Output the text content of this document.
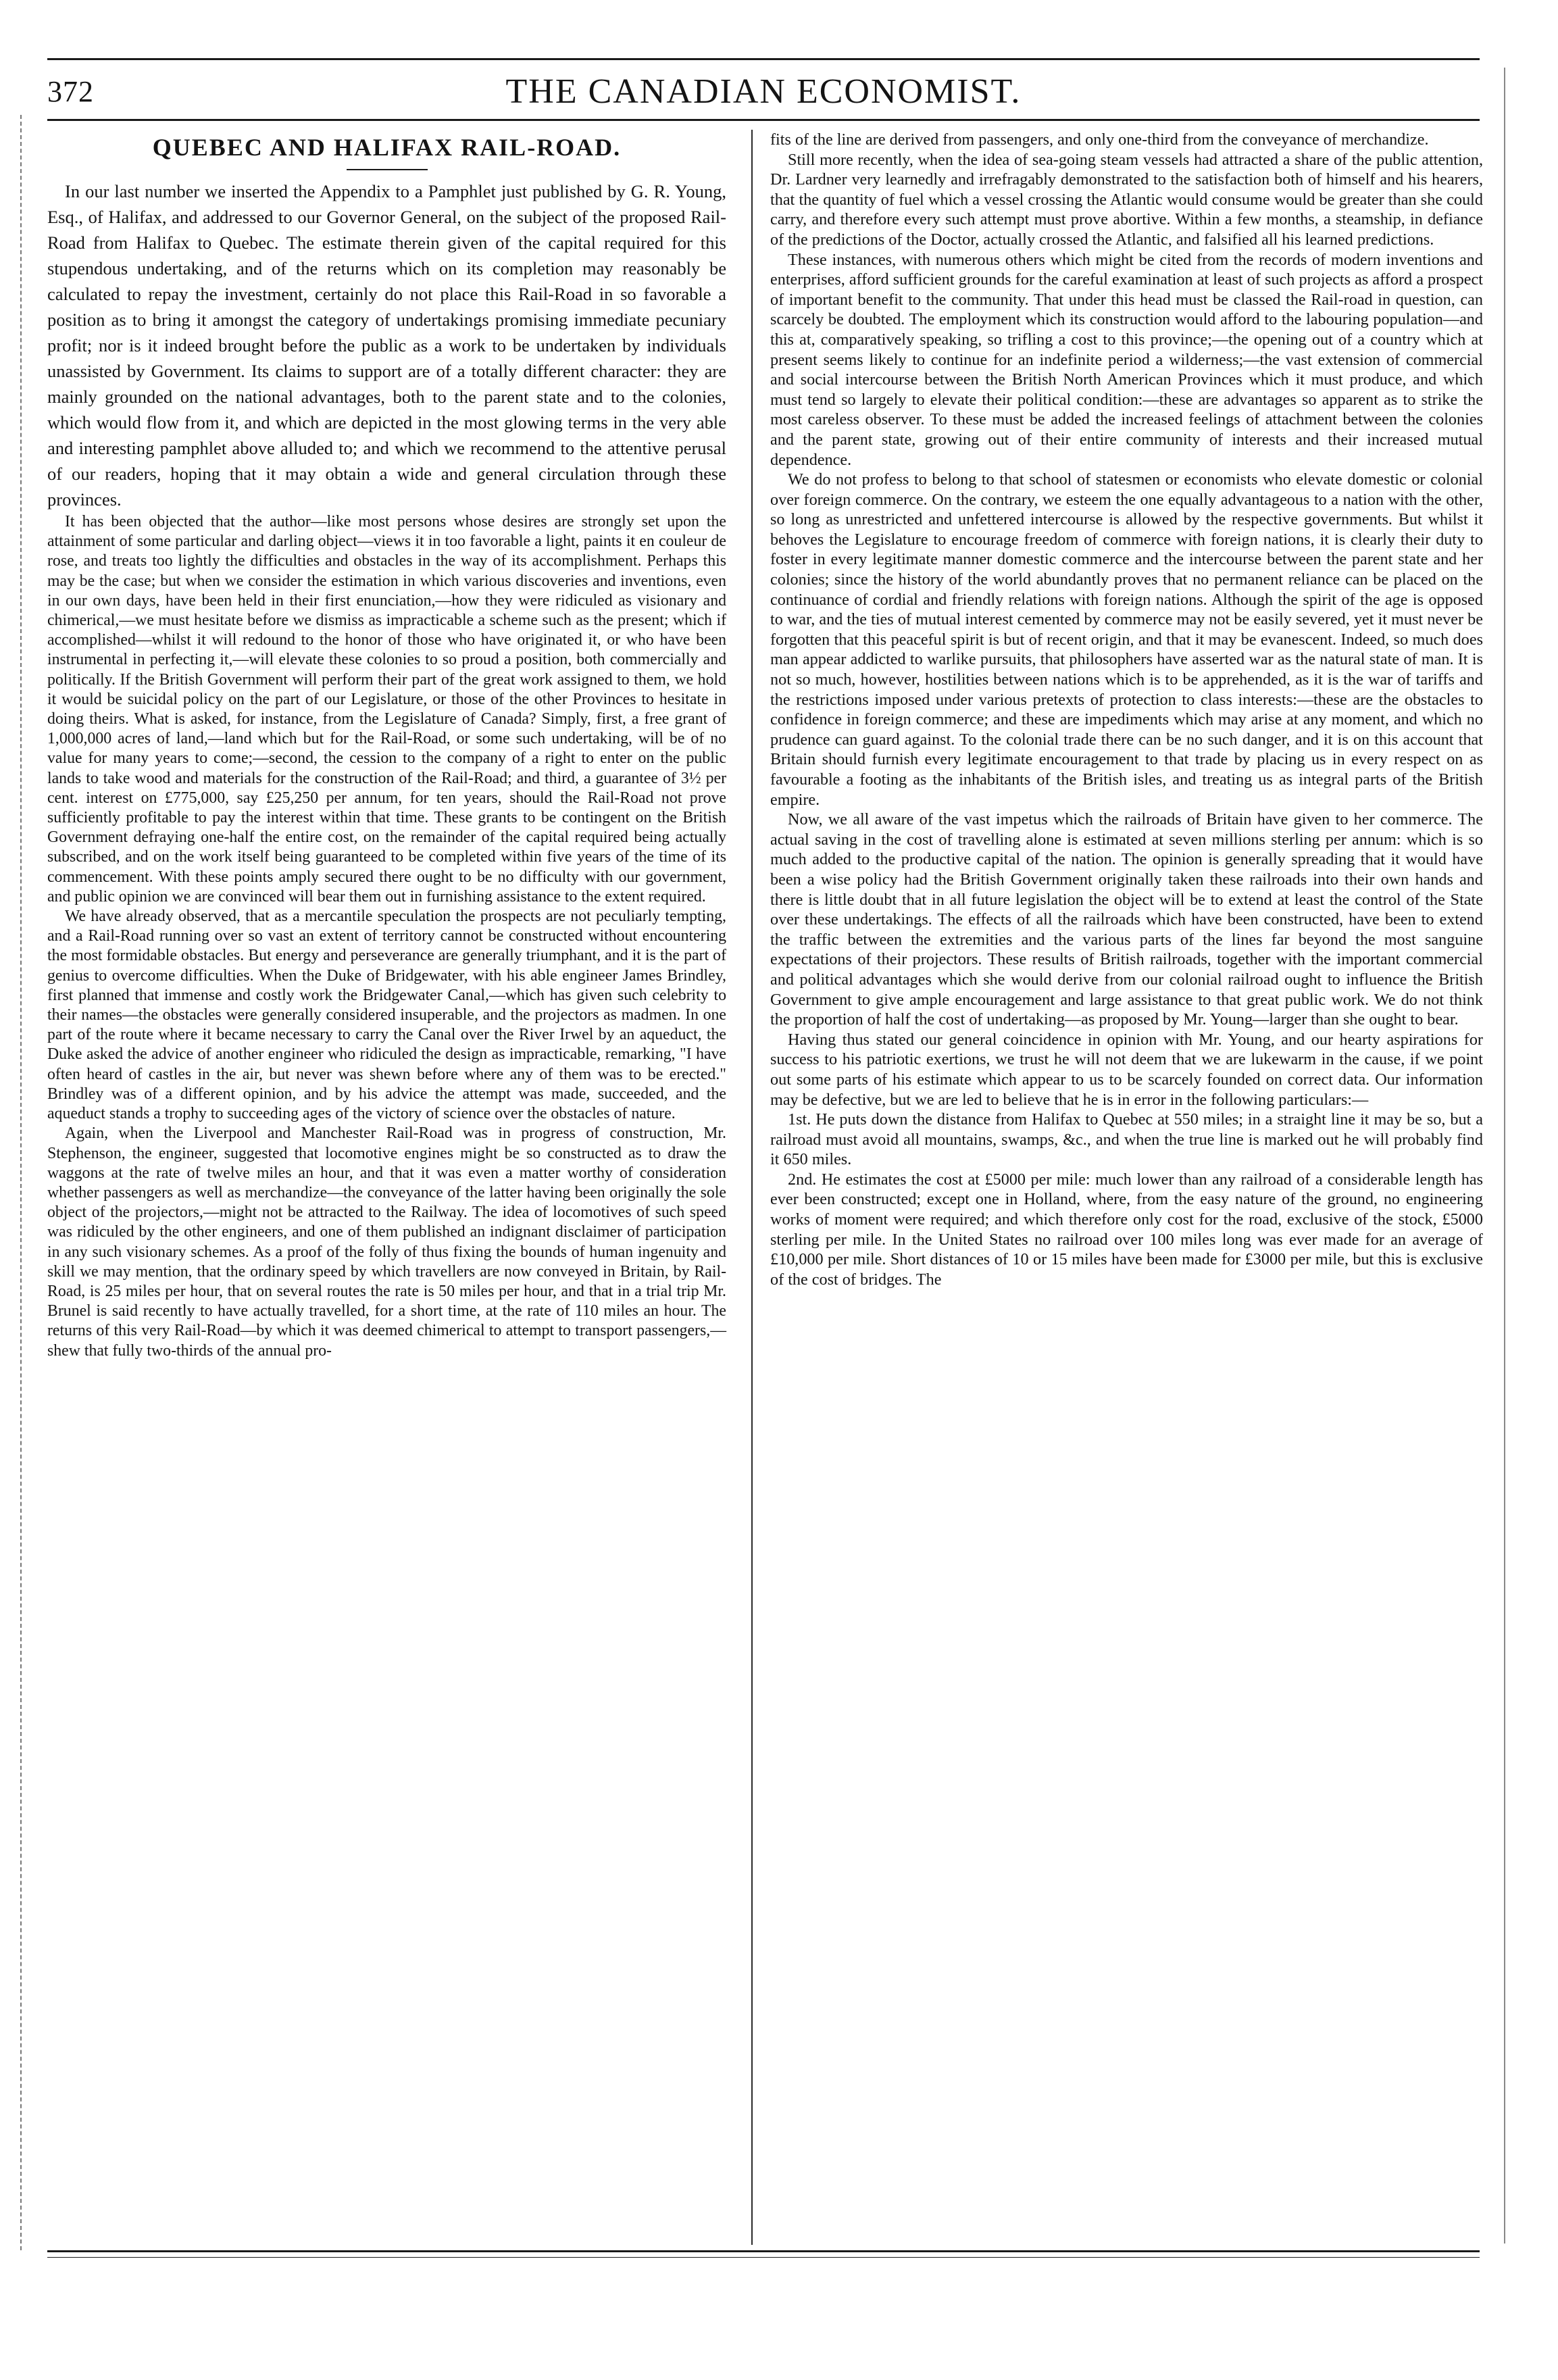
372	THE CANADIAN ECONOMIST.
QUEBEC AND HALIFAX RAIL-ROAD.

In our last number we inserted the Appendix to a Pamphlet just published by G. R. Young, Esq., of Halifax, and addressed to our Governor General, on the subject of the proposed Rail-Road from Halifax to Quebec. The estimate therein given of the capital required for this stupendous undertaking, and of the returns which on its completion may reasonably be calculated to repay the investment, certainly do not place this Rail-Road in so favorable a position as to bring it amongst the category of undertakings promising immediate pecuniary profit; nor is it indeed brought before the public as a work to be undertaken by individuals unassisted by Government. Its claims to support are of a totally different character: they are mainly grounded on the national advantages, both to the parent state and to the colonies, which would flow from it, and which are depicted in the most glowing terms in the very able and interesting pamphlet above alluded to; and which we recommend to the attentive perusal of our readers, hoping that it may obtain a wide and general circulation through these provinces.

It has been objected that the author—like most persons whose desires are strongly set upon the attainment of some particular and darling object—views it in too favorable a light, paints it en couleur de rose, and treats too lightly the difficulties and obstacles in the way of its accomplishment. Perhaps this may be the case; but when we consider the estimation in which various discoveries and inventions, even in our own days, have been held in their first enunciation,—how they were ridiculed as visionary and chimerical,—we must hesitate before we dismiss as impracticable a scheme such as the present; which if accomplished—whilst it will redound to the honor of those who have originated it, or who have been instrumental in perfecting it,—will elevate these colonies to so proud a position, both commercially and politically. If the British Government will perform their part of the great work assigned to them, we hold it would be suicidal policy on the part of our Legislature, or those of the other Provinces to hesitate in doing theirs. What is asked, for instance, from the Legislature of Canada? Simply, first, a free grant of 1,000,000 acres of land,—land which but for the Rail-Road, or some such undertaking, will be of no value for many years to come;—second, the cession to the company of a right to enter on the public lands to take wood and materials for the construction of the Rail-Road; and third, a guarantee of 3½ per cent. interest on £775,000, say £25,250 per annum, for ten years, should the Rail-Road not prove sufficiently profitable to pay the interest within that time. These grants to be contingent on the British Government defraying one-half the entire cost, on the remainder of the capital required being actually subscribed, and on the work itself being guaranteed to be completed within five years of the time of its commencement. With these points amply secured there ought to be no difficulty with our government, and public opinion we are convinced will bear them out in furnishing assistance to the extent required.

We have already observed, that as a mercantile speculation the prospects are not peculiarly tempting, and a Rail-Road running over so vast an extent of territory cannot be constructed without encountering the most formidable obstacles. But energy and perseverance are generally triumphant, and it is the part of genius to overcome difficulties. When the Duke of Bridgewater, with his able engineer James Brindley, first planned that immense and costly work the Bridgewater Canal,—which has given such celebrity to their names—the obstacles were generally considered insuperable, and the projectors as madmen. In one part of the route where it became necessary to carry the Canal over the River Irwel by an aqueduct, the Duke asked the advice of another engineer who ridiculed the design as impracticable, remarking, "I have often heard of castles in the air, but never was shewn before where any of them was to be erected." Brindley was of a different opinion, and by his advice the attempt was made, succeeded, and the aqueduct stands a trophy to succeeding ages of the victory of science over the obstacles of nature.

Again, when the Liverpool and Manchester Rail-Road was in progress of construction, Mr. Stephenson, the engineer, suggested that locomotive engines might be so constructed as to draw the waggons at the rate of twelve miles an hour, and that it was even a matter worthy of consideration whether passengers as well as merchandize—the conveyance of the latter having been originally the sole object of the projectors,—might not be attracted to the Railway. The idea of locomotives of such speed was ridiculed by the other engineers, and one of them published an indignant disclaimer of participation in any such visionary schemes. As a proof of the folly of thus fixing the bounds of human ingenuity and skill we may mention, that the ordinary speed by which travellers are now conveyed in Britain, by Rail-Road, is 25 miles per hour, that on several routes the rate is 50 miles per hour, and that in a trial trip Mr. Brunel is said recently to have actually travelled, for a short time, at the rate of 110 miles an hour. The returns of this very Rail-Road—by which it was deemed chimerical to attempt to transport passengers,—shew that fully two-thirds of the annual pro-

fits of the line are derived from passengers, and only one-third from the conveyance of merchandize.

Still more recently, when the idea of sea-going steam vessels had attracted a share of the public attention, Dr. Lardner very learnedly and irrefragably demonstrated to the satisfaction both of himself and his hearers, that the quantity of fuel which a vessel crossing the Atlantic would consume would be greater than she could carry, and therefore every such attempt must prove abortive. Within a few months, a steamship, in defiance of the predictions of the Doctor, actually crossed the Atlantic, and falsified all his learned predictions.

These instances, with numerous others which might be cited from the records of modern inventions and enterprises, afford sufficient grounds for the careful examination at least of such projects as afford a prospect of important benefit to the community. That under this head must be classed the Rail-road in question, can scarcely be doubted. The employment which its construction would afford to the labouring population—and this at, comparatively speaking, so trifling a cost to this province;—the opening out of a country which at present seems likely to continue for an indefinite period a wilderness;—the vast extension of commercial and social intercourse between the British North American Provinces which it must produce, and which must tend so largely to elevate their political condition:—these are advantages so apparent as to strike the most careless observer. To these must be added the increased feelings of attachment between the colonies and the parent state, growing out of their entire community of interests and their increased mutual dependence.

We do not profess to belong to that school of statesmen or economists who elevate domestic or colonial over foreign commerce. On the contrary, we esteem the one equally advantageous to a nation with the other, so long as unrestricted and unfettered intercourse is allowed by the respective governments. But whilst it behoves the Legislature to encourage freedom of commerce with foreign nations, it is clearly their duty to foster in every legitimate manner domestic commerce and the intercourse between the parent state and her colonies; since the history of the world abundantly proves that no permanent reliance can be placed on the continuance of cordial and friendly relations with foreign nations. Although the spirit of the age is opposed to war, and the ties of mutual interest cemented by commerce may not be easily severed, yet it must never be forgotten that this peaceful spirit is but of recent origin, and that it may be evanescent. Indeed, so much does man appear addicted to warlike pursuits, that philosophers have asserted war as the natural state of man. It is not so much, however, hostilities between nations which is to be apprehended, as it is the war of tariffs and the restrictions imposed under various pretexts of protection to class interests:—these are the obstacles to confidence in foreign commerce; and these are impediments which may arise at any moment, and which no prudence can guard against. To the colonial trade there can be no such danger, and it is on this account that Britain should furnish every legitimate encouragement to that trade by placing us in every respect on as favourable a footing as the inhabitants of the British isles, and treating us as integral parts of the British empire.

Now, we all aware of the vast impetus which the railroads of Britain have given to her commerce. The actual saving in the cost of travelling alone is estimated at seven millions sterling per annum: which is so much added to the productive capital of the nation. The opinion is generally spreading that it would have been a wise policy had the British Government originally taken these railroads into their own hands and there is little doubt that in all future legislation the object will be to extend at least the control of the State over these undertakings. The effects of all the railroads which have been constructed, have been to extend the traffic between the extremities and the various parts of the lines far beyond the most sanguine expectations of their projectors. These results of British railroads, together with the important commercial and political advantages which she would derive from our colonial railroad ought to influence the British Government to give ample encouragement and large assistance to that great public work. We do not think the proportion of half the cost of undertaking—as proposed by Mr. Young—larger than she ought to bear.

Having thus stated our general coincidence in opinion with Mr. Young, and our hearty aspirations for success to his patriotic exertions, we trust he will not deem that we are lukewarm in the cause, if we point out some parts of his estimate which appear to us to be scarcely founded on correct data. Our information may be defective, but we are led to believe that he is in error in the following particulars:—

1st. He puts down the distance from Halifax to Quebec at 550 miles; in a straight line it may be so, but a railroad must avoid all mountains, swamps, &c., and when the true line is marked out he will probably find it 650 miles.

2nd. He estimates the cost at £5000 per mile: much lower than any railroad of a considerable length has ever been constructed; except one in Holland, where, from the easy nature of the ground, no engineering works of moment were required; and which therefore only cost for the road, exclusive of the stock, £5000 sterling per mile. In the United States no railroad over 100 miles long was ever made for an average of £10,000 per mile. Short distances of 10 or 15 miles have been made for £3000 per mile, but this is exclusive of the cost of bridges. The
